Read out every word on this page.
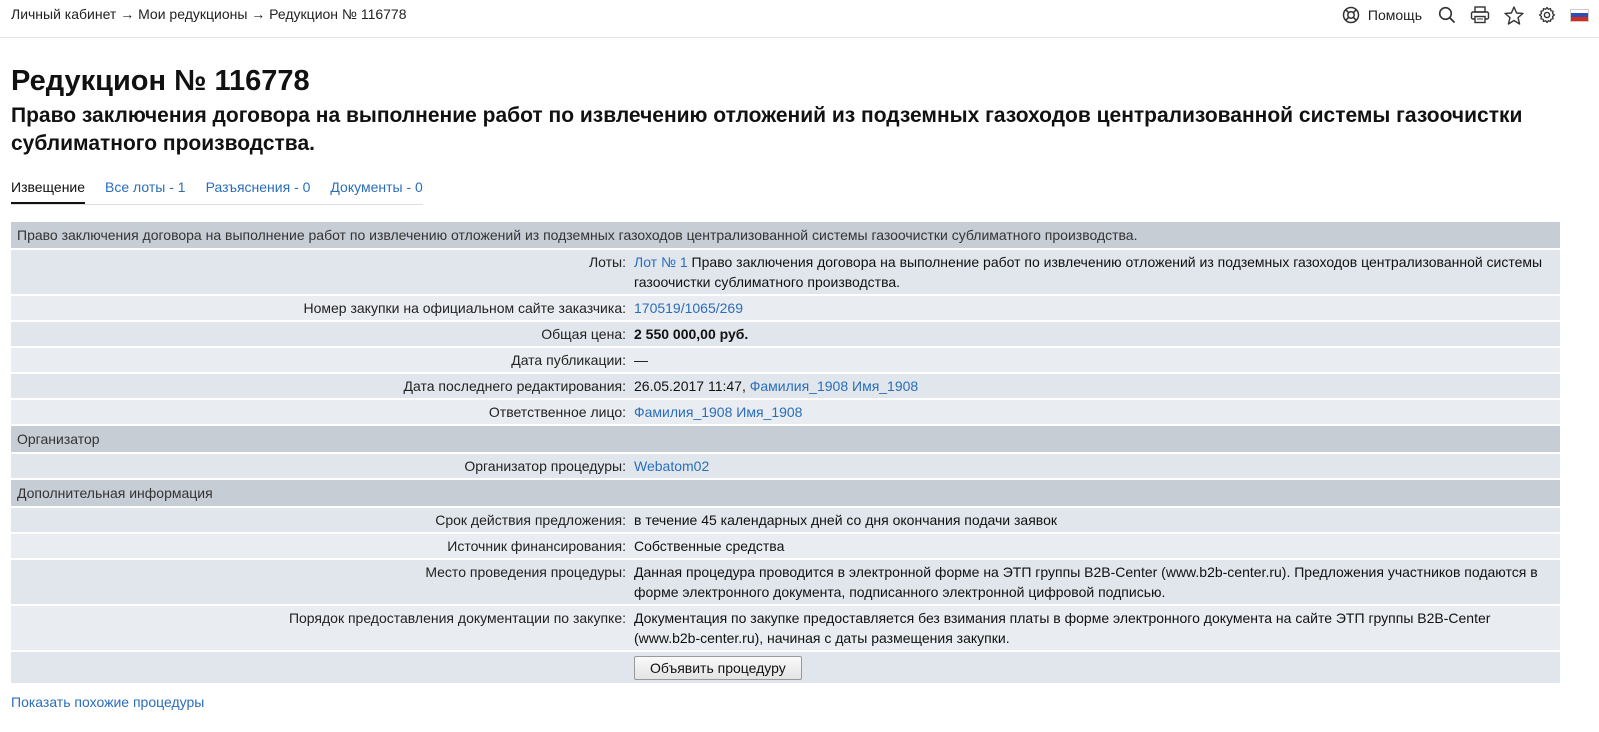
Личный кабинет → Мои редукционы → Редукцион № 116778	Помощь
Редукцион № 116778
Право заключения договора на выполнение работ по извлечению отложений из подземных газоходов централизованной системы газоочистки сублиматного производства.
Извещение Все лоты - 1 Разъяснения - 0 Документы - 0
Право заключения договора на выполнение работ по извлечению отложений из подземных газоходов централизованной системы газоочистки сублиматного производства.	
Лоты:	Лот № 1 Право заключения договора на выполнение работ по извлечению отложений из подземных газоходов централизованной системы газоочистки сублиматного производства.
Номер закупки на официальном сайте заказчика:	170519/1065/269
Общая цена:	2 550 000,00 руб.
Дата публикации:	—
Дата последнего редактирования:	26.05.2017 11:47, Фамилия_1908 Имя_1908
Ответственное лицо:	Фамилия_1908 Имя_1908
Организатор	
Организатор процедуры:	Webatom02
Дополнительная информация	
Срок действия предложения:	в течение 45 календарных дней со дня окончания подачи заявок
Источник финансирования:	Собственные средства
Место проведения процедуры:	Данная процедура проводится в электронной форме на ЭТП группы B2B-Center (www.b2b-center.ru). Предложения участников подаются в форме электронного документа, подписанного электронной цифровой подписью.
Порядок предоставления документации по закупке:	Документация по закупке предоставляется без взимания платы в форме электронного документа на сайте ЭТП группы B2B-Center (www.b2b-center.ru), начиная с даты размещения закупки.
	Объявить процедуру
Показать похожие процедуры
